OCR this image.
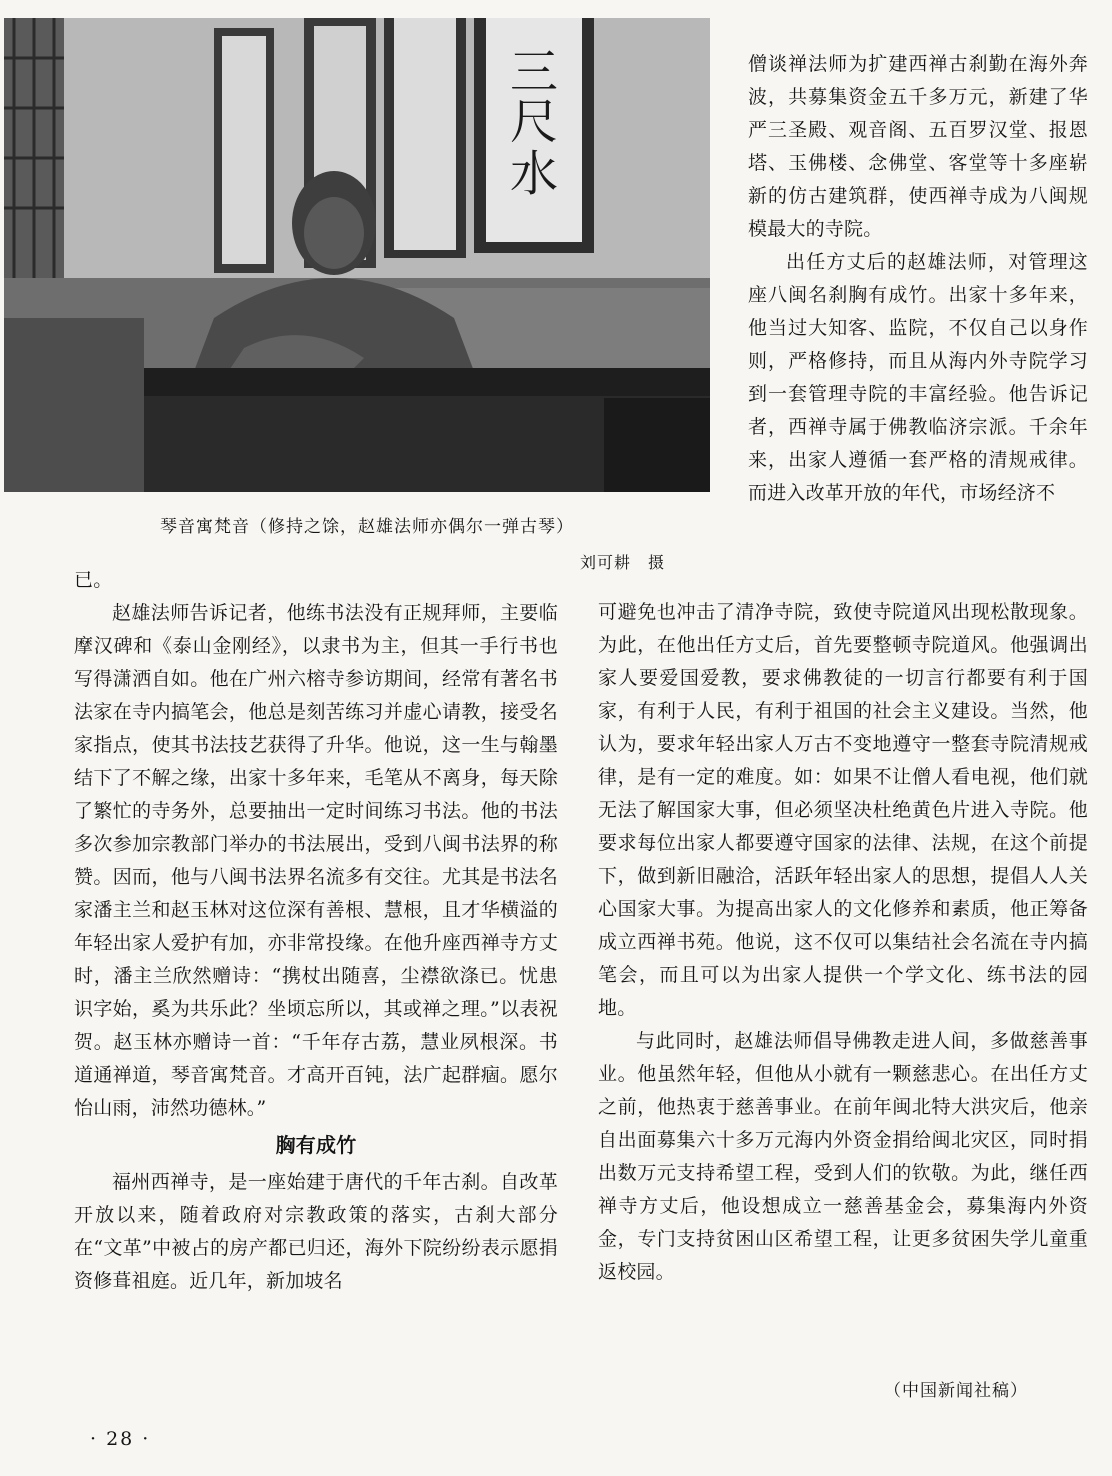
三
尺
水
琴音寓梵音（修持之馀，赵雄法师亦偶尔一弹古琴）
刘可耕　摄

僧谈禅法师为扩建西禅古刹勤在海外奔波，共募集资金五千多万元，新建了华严三圣殿、观音阁、五百罗汉堂、报恩塔、玉佛楼、念佛堂、客堂等十多座崭新的仿古建筑群，使西禅寺成为八闽规模最大的寺院。

出任方丈后的赵雄法师，对管理这座八闽名刹胸有成竹。出家十多年来，他当过大知客、监院，不仅自己以身作则，严格修持，而且从海内外寺院学习到一套管理寺院的丰富经验。他告诉记者，西禅寺属于佛教临济宗派。千余年来，出家人遵循一套严格的清规戒律。而进入改革开放的年代，市场经济不

可避免也冲击了清净寺院，致使寺院道风出现松散现象。为此，在他出任方丈后，首先要整顿寺院道风。他强调出家人要爱国爱教，要求佛教徒的一切言行都要有利于国家，有利于人民，有利于祖国的社会主义建设。当然，他认为，要求年轻出家人万古不变地遵守一整套寺院清规戒律，是有一定的难度。如：如果不让僧人看电视，他们就无法了解国家大事，但必须坚决杜绝黄色片进入寺院。他要求每位出家人都要遵守国家的法律、法规，在这个前提下，做到新旧融洽，活跃年轻出家人的思想，提倡人人关心国家大事。为提高出家人的文化修养和素质，他正筹备成立西禅书苑。他说，这不仅可以集结社会名流在寺内搞笔会，而且可以为出家人提供一个学文化、练书法的园地。

与此同时，赵雄法师倡导佛教走进人间，多做慈善事业。他虽然年轻，但他从小就有一颗慈悲心。在出任方丈之前，他热衷于慈善事业。在前年闽北特大洪灾后，他亲自出面募集六十多万元海内外资金捐给闽北灾区，同时捐出数万元支持希望工程，受到人们的钦敬。为此，继任西禅寺方丈后，他设想成立一慈善基金会，募集海内外资金，专门支持贫困山区希望工程，让更多贫困失学儿童重返校园。

已。

赵雄法师告诉记者，他练书法没有正规拜师，主要临摩汉碑和《泰山金刚经》，以隶书为主，但其一手行书也写得潇洒自如。他在广州六榕寺参访期间，经常有著名书法家在寺内搞笔会，他总是刻苦练习并虚心请教，接受名家指点，使其书法技艺获得了升华。他说，这一生与翰墨结下了不解之缘，出家十多年来，毛笔从不离身，每天除了繁忙的寺务外，总要抽出一定时间练习书法。他的书法多次参加宗教部门举办的书法展出，受到八闽书法界的称赞。因而，他与八闽书法界名流多有交往。尤其是书法名家潘主兰和赵玉林对这位深有善根、慧根，且才华横溢的年轻出家人爱护有加，亦非常投缘。在他升座西禅寺方丈时，潘主兰欣然赠诗：“携杖出随喜，尘襟欲涤已。忧患识字始，奚为共乐此？坐顷忘所以，其或禅之理。”以表祝贺。赵玉林亦赠诗一首：“千年存古荔，慧业夙根深。书道通禅道，琴音寓梵音。才高开百钝，法广起群痼。愿尔怡山雨，沛然功德林。”

胸有成竹

福州西禅寺，是一座始建于唐代的千年古刹。自改革开放以来，随着政府对宗教政策的落实，古刹大部分在“文革”中被占的房产都已归还，海外下院纷纷表示愿捐资修葺祖庭。近几年，新加坡名

（中国新闻社稿）
· 28 ·
